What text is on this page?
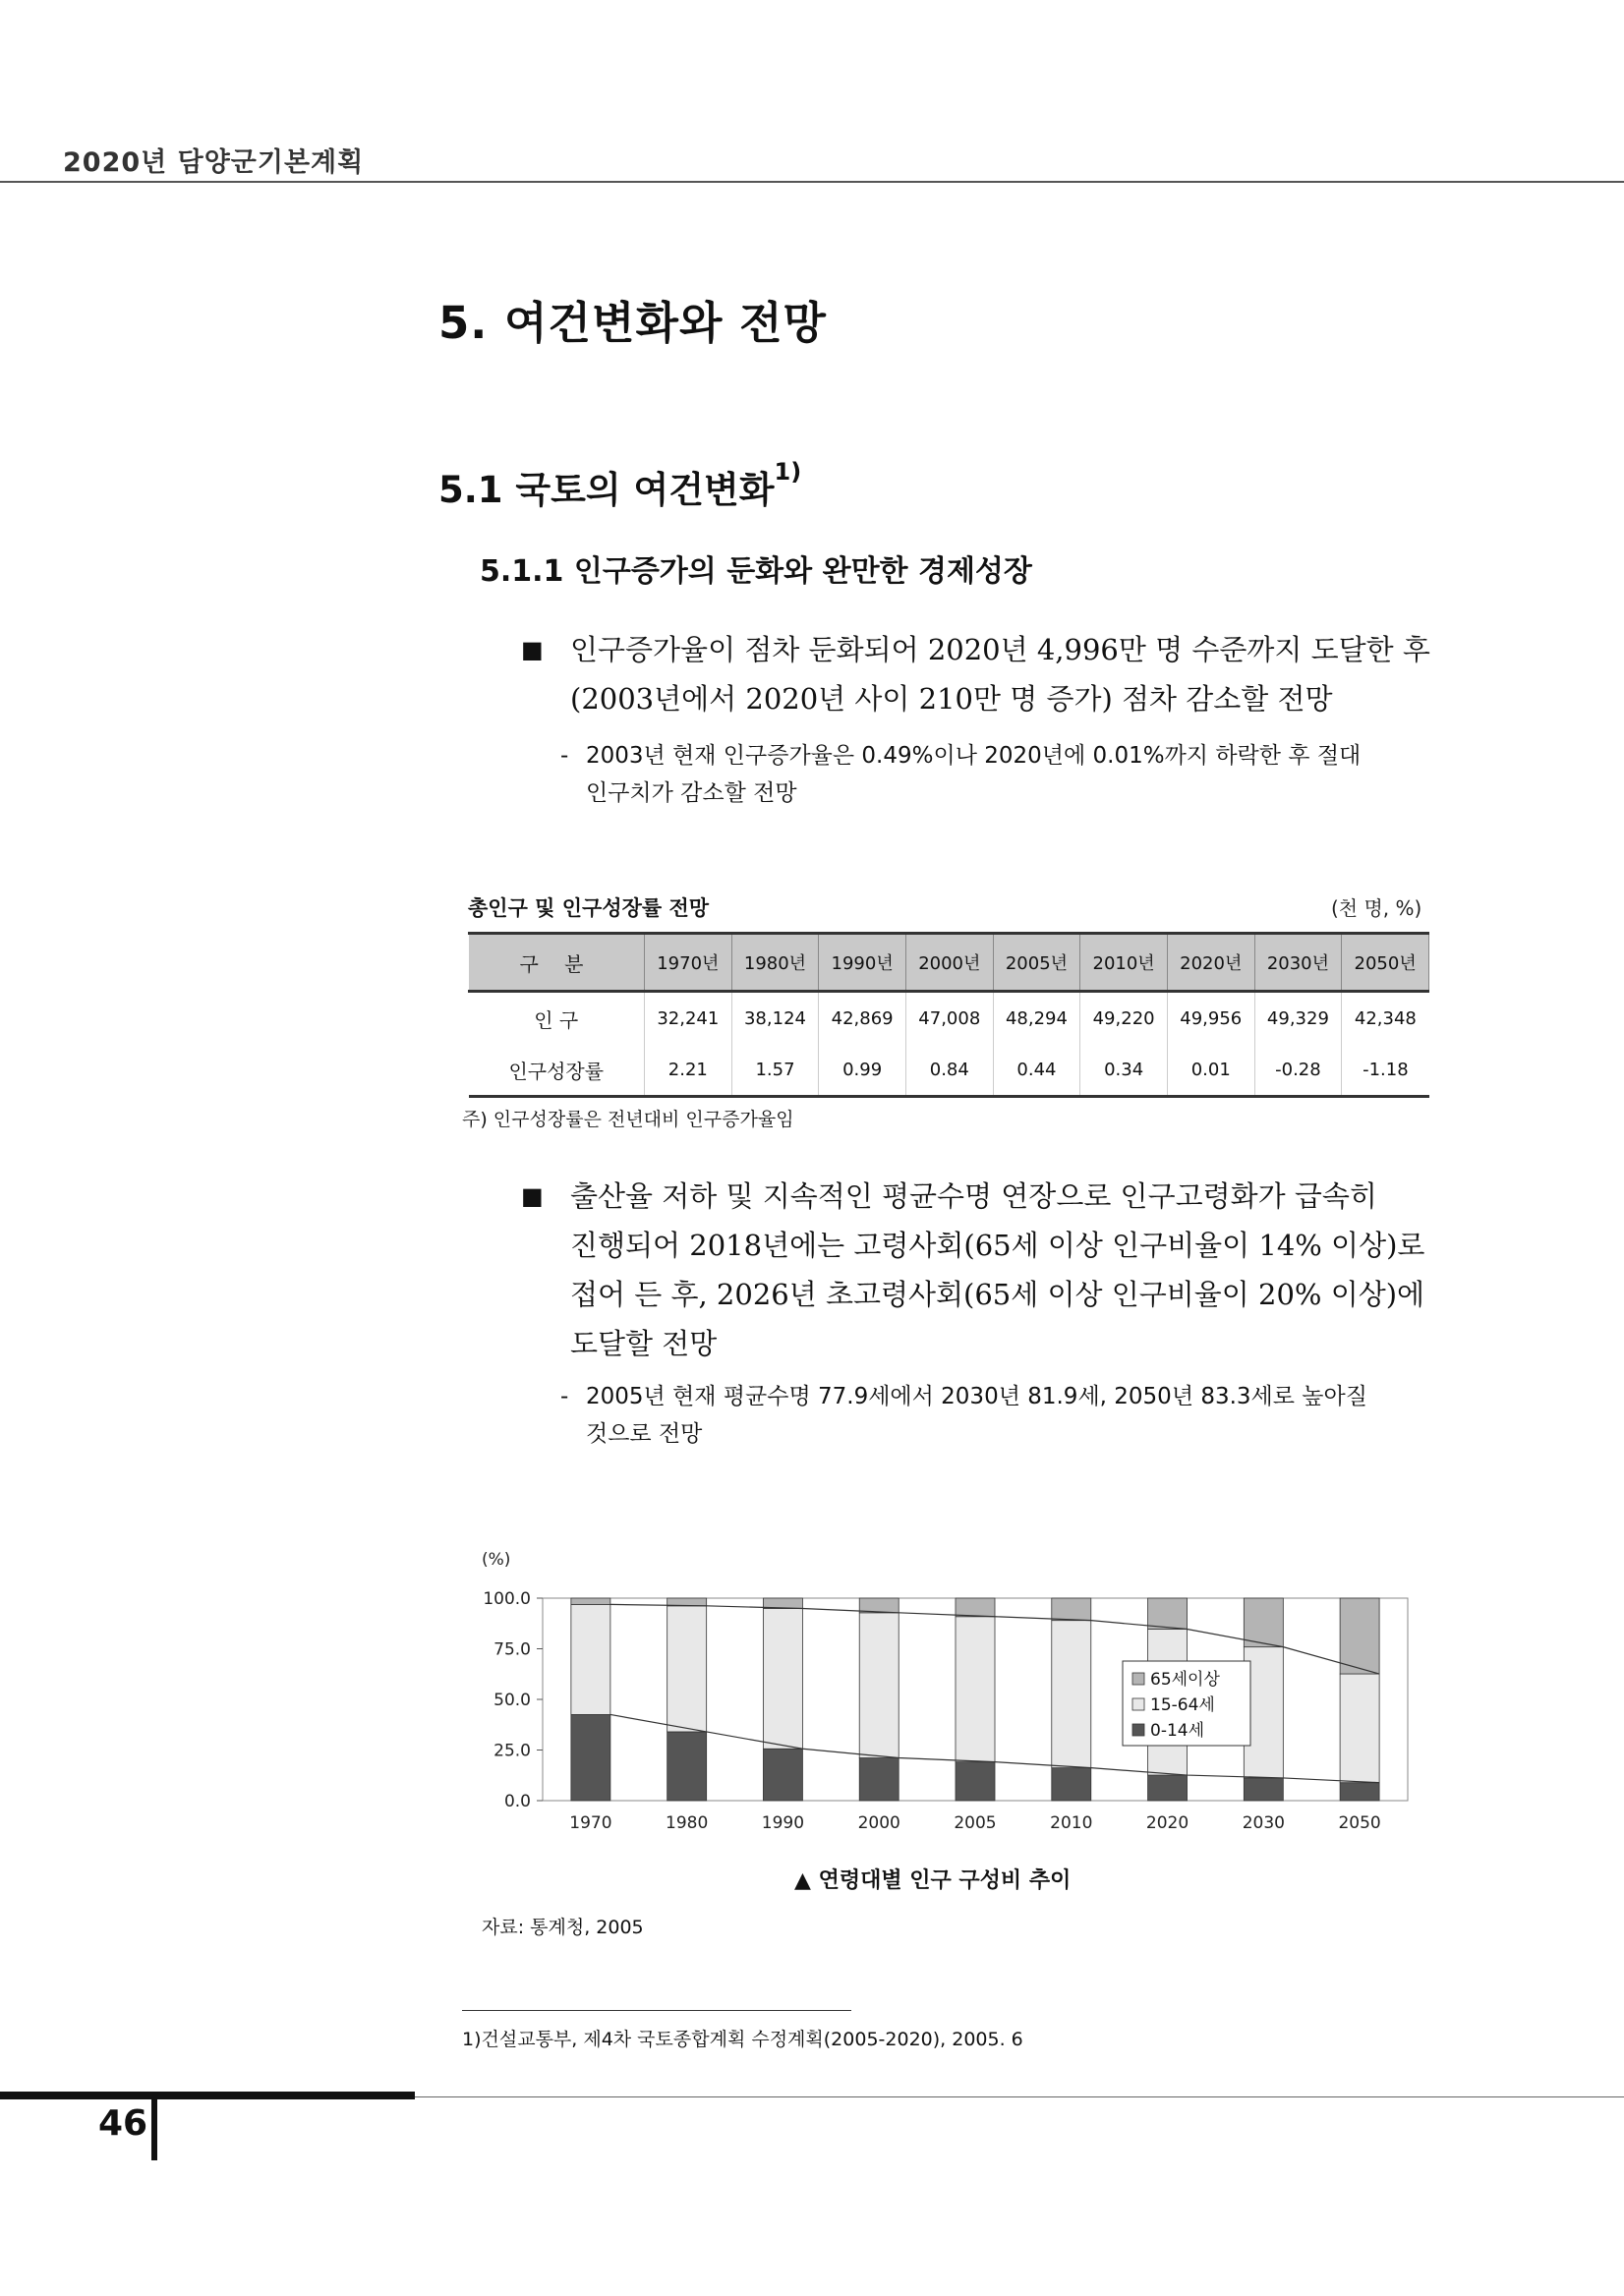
2020년 담양군기본계획
5. 여건변화와 전망
5.1 국토의 여건변화$^{1)}$
5.1.1 인구증가의 둔화와 완만한 경제성장
■ 인구증가율이 점차 둔화되어 2020년 4,996만 명 수준까지 도달한 후
(2003년에서 2020년 사이 210만 명 증가) 점차 감소할 전망
- 2003년 현재 인구증가율은 0.49%이나 2020년에 0.01%까지 하락한 후 절대
인구치가 감소할 전망
총인구 및 인구성장률 전망	(천 명, %)
구 분	1970년	1980년	1990년	2000년	2005년	2010년	2020년	2030년	2050년
인 구	32,241	38,124	42,869	47,008	48,294	49,220	49,956	49,329	42,348
인구성장률	2.21	1.57	0.99	0.84	0.44	0.34	0.01	-0.28	-1.18
주) 인구성장률은 전년대비 인구증가율임
■ 출산율 저하 및 지속적인 평균수명 연장으로 인구고령화가 급속히
진행되어 2018년에는 고령사회(65세 이상 인구비율이 14% 이상)로
접어 든 후, 2026년 초고령사회(65세 이상 인구비율이 20% 이상)에
도달할 전망
- 2005년 현재 평균수명 77.9세에서 2030년 81.9세, 2050년 83.3세로 높아질
것으로 전망
(%)
0.0
25.0
50.0
75.0
100.0
1970	1980	1990	2000	2005	2010	2020	2030	2050
65세이상
15-64세
0-14세
▲ 연령대별 인구 구성비 추이
자료: 통계청, 2005
1)건설교통부, 제4차 국토종합계획 수정계획(2005-2020), 2005. 6
46
